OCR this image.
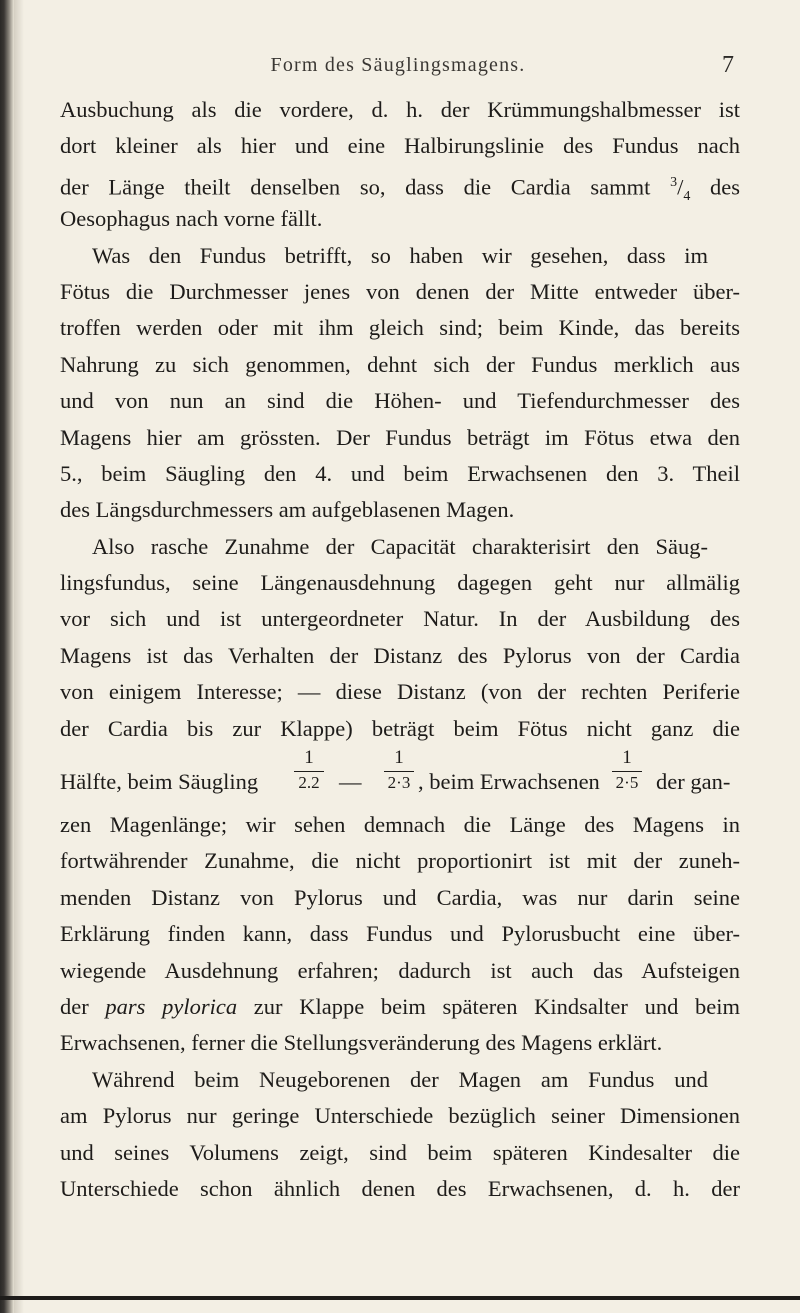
Form des Säuglingsmagens.	7
Ausbuchung als die vordere, d. h. der Krümmungshalbmesser ist
dort kleiner als hier und eine Halbirungslinie des Fundus nach
der Länge theilt denselben so, dass die Cardia sammt $^3/_4$ des
Oesophagus nach vorne fällt.
Was den Fundus betrifft, so haben wir gesehen, dass im
Fötus die Durchmesser jenes von denen der Mitte entweder über-
troffen werden oder mit ihm gleich sind; beim Kinde, das bereits
Nahrung zu sich genommen, dehnt sich der Fundus merklich aus
und von nun an sind die Höhen- und Tiefendurchmesser des
Magens hier am grössten. Der Fundus beträgt im Fötus etwa den
5., beim Säugling den 4. und beim Erwachsenen den 3. Theil
des Längsdurchmessers am aufgeblasenen Magen.
Also rasche Zunahme der Capacität charakterisirt den Säug-
lingsfundus, seine Längenausdehnung dagegen geht nur allmälig
vor sich und ist untergeordneter Natur. In der Ausbildung des
Magens ist das Verhalten der Distanz des Pylorus von der Cardia
von einigem Interesse; — diese Distanz (von der rechten Periferie
der Cardia bis zur Klappe) beträgt beim Fötus nicht ganz die
Hälfte, beim Säugling
1
2.2 —
1
2·3 , beim Erwachsenen
1
2·5 der gan-
zen Magenlänge; wir sehen demnach die Länge des Magens in
fortwährender Zunahme, die nicht proportionirt ist mit der zuneh-
menden Distanz von Pylorus und Cardia, was nur darin seine
Erklärung finden kann, dass Fundus und Pylorusbucht eine über-
wiegende Ausdehnung erfahren; dadurch ist auch das Aufsteigen
der pars pylorica zur Klappe beim späteren Kindsalter und beim
Erwachsenen, ferner die Stellungsveränderung des Magens erklärt.
Während beim Neugeborenen der Magen am Fundus und
am Pylorus nur geringe Unterschiede bezüglich seiner Dimensionen
und seines Volumens zeigt, sind beim späteren Kindesalter die
Unterschiede schon ähnlich denen des Erwachsenen, d. h. der
